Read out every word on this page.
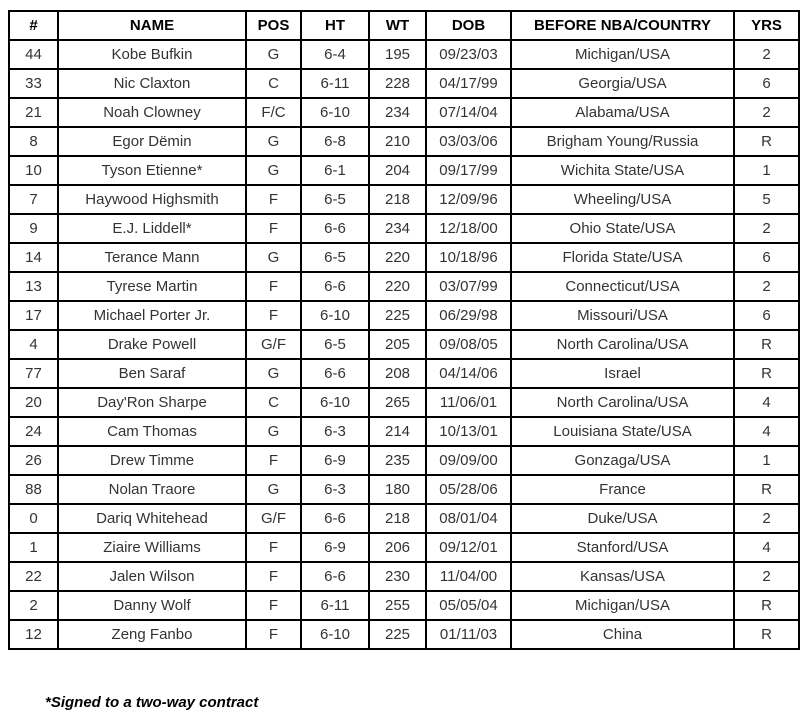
#	NAME	POS	HT	WT	DOB	BEFORE NBA/COUNTRY	YRS
44	Kobe Bufkin	G	6-4	195	09/23/03	Michigan/USA	2
33	Nic Claxton	C	6-11	228	04/17/99	Georgia/USA	6
21	Noah Clowney	F/C	6-10	234	07/14/04	Alabama/USA	2
8	Egor Dëmin	G	6-8	210	03/03/06	Brigham Young/Russia	R
10	Tyson Etienne*	G	6-1	204	09/17/99	Wichita State/USA	1
7	Haywood Highsmith	F	6-5	218	12/09/96	Wheeling/USA	5
9	E.J. Liddell*	F	6-6	234	12/18/00	Ohio State/USA	2
14	Terance Mann	G	6-5	220	10/18/96	Florida State/USA	6
13	Tyrese Martin	F	6-6	220	03/07/99	Connecticut/USA	2
17	Michael Porter Jr.	F	6-10	225	06/29/98	Missouri/USA	6
4	Drake Powell	G/F	6-5	205	09/08/05	North Carolina/USA	R
77	Ben Saraf	G	6-6	208	04/14/06	Israel	R
20	Day'Ron Sharpe	C	6-10	265	11/06/01	North Carolina/USA	4
24	Cam Thomas	G	6-3	214	10/13/01	Louisiana State/USA	4
26	Drew Timme	F	6-9	235	09/09/00	Gonzaga/USA	1
88	Nolan Traore	G	6-3	180	05/28/06	France	R
0	Dariq Whitehead	G/F	6-6	218	08/01/04	Duke/USA	2
1	Ziaire Williams	F	6-9	206	09/12/01	Stanford/USA	4
22	Jalen Wilson	F	6-6	230	11/04/00	Kansas/USA	2
2	Danny Wolf	F	6-11	255	05/05/04	Michigan/USA	R
12	Zeng Fanbo	F	6-10	225	01/11/03	China	R
*Signed to a two-way contract
